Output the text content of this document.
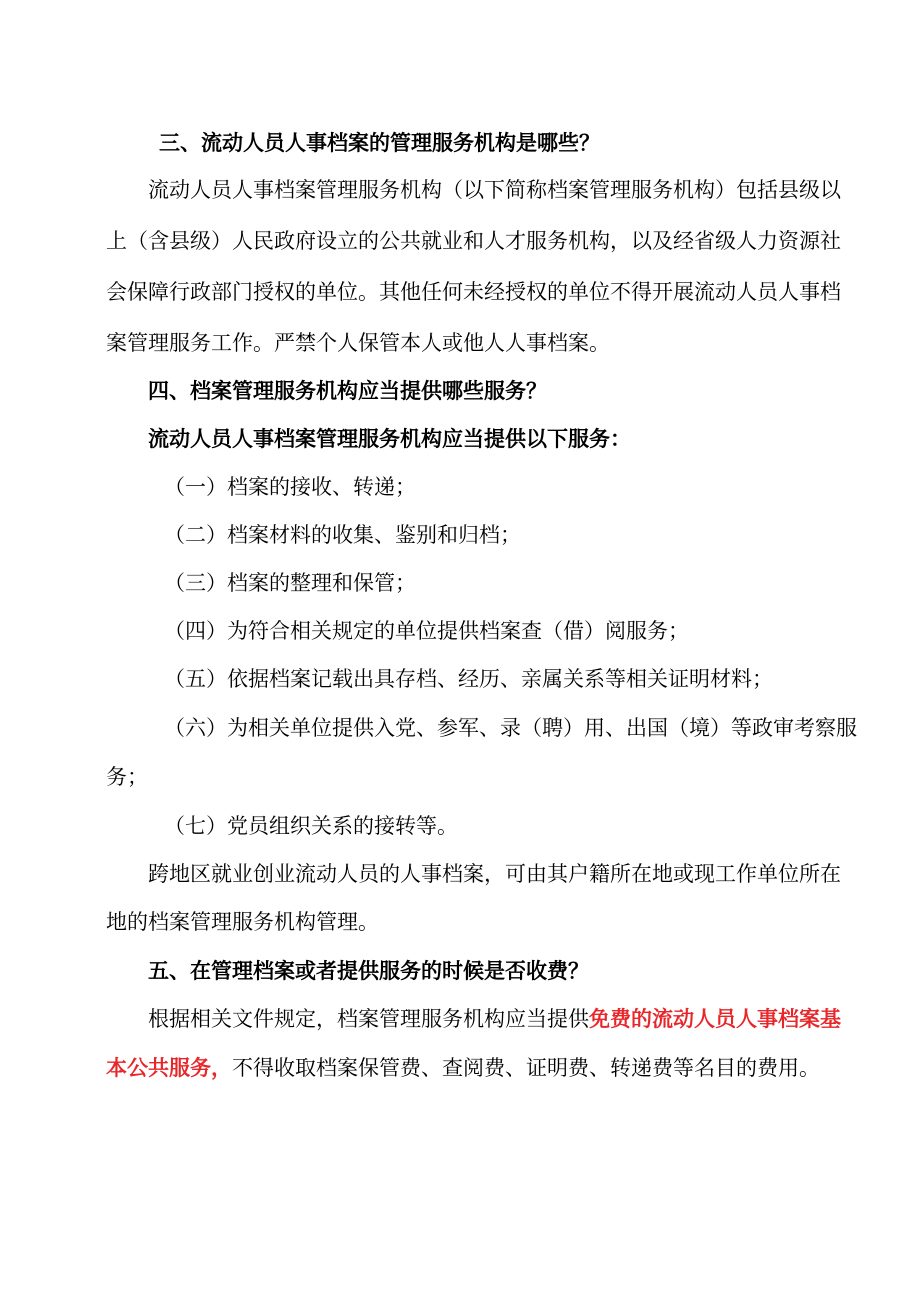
三、流动人员人事档案的管理服务机构是哪些？

流动人员人事档案管理服务机构（以下简称档案管理服务机构）包括县级以

上（含县级）人民政府设立的公共就业和人才服务机构，以及经省级人力资源社

会保障行政部门授权的单位。其他任何未经授权的单位不得开展流动人员人事档

案管理服务工作。严禁个人保管本人或他人人事档案。

四、档案管理服务机构应当提供哪些服务？

流动人员人事档案管理服务机构应当提供以下服务：

（一）档案的接收、转递；

（二）档案材料的收集、鉴别和归档；

（三）档案的整理和保管；

（四）为符合相关规定的单位提供档案查（借）阅服务；

（五）依据档案记载出具存档、经历、亲属关系等相关证明材料；

（六）为相关单位提供入党、参军、录（聘）用、出国（境）等政审考察服

务；

（七）党员组织关系的接转等。

跨地区就业创业流动人员的人事档案，可由其户籍所在地或现工作单位所在

地的档案管理服务机构管理。

五、在管理档案或者提供服务的时候是否收费？

根据相关文件规定，档案管理服务机构应当提供免费的流动人员人事档案基

本公共服务，不得收取档案保管费、查阅费、证明费、转递费等名目的费用。
